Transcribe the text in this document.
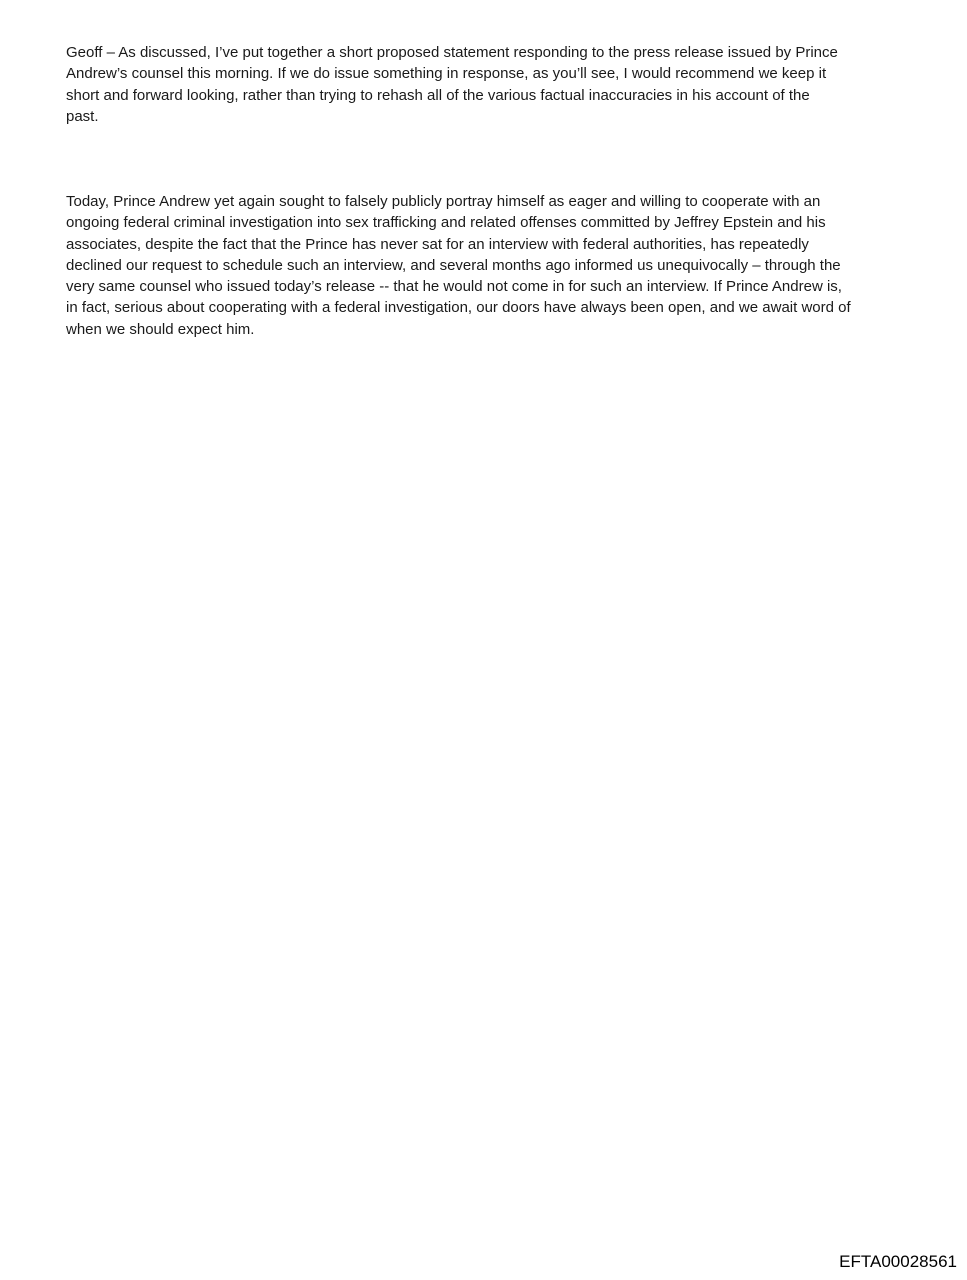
Geoff – As discussed, I’ve put together a short proposed statement responding to the press release issued by Prince
Andrew’s counsel this morning. If we do issue something in response, as you’ll see, I would recommend we keep it
short and forward looking, rather than trying to rehash all of the various factual inaccuracies in his account of the
past.
Today, Prince Andrew yet again sought to falsely publicly portray himself as eager and willing to cooperate with an
ongoing federal criminal investigation into sex trafficking and related offenses committed by Jeffrey Epstein and his
associates, despite the fact that the Prince has never sat for an interview with federal authorities, has repeatedly
declined our request to schedule such an interview, and several months ago informed us unequivocally – through the
very same counsel who issued today’s release -- that he would not come in for such an interview. If Prince Andrew is,
in fact, serious about cooperating with a federal investigation, our doors have always been open, and we await word of
when we should expect him.
EFTA00028561
